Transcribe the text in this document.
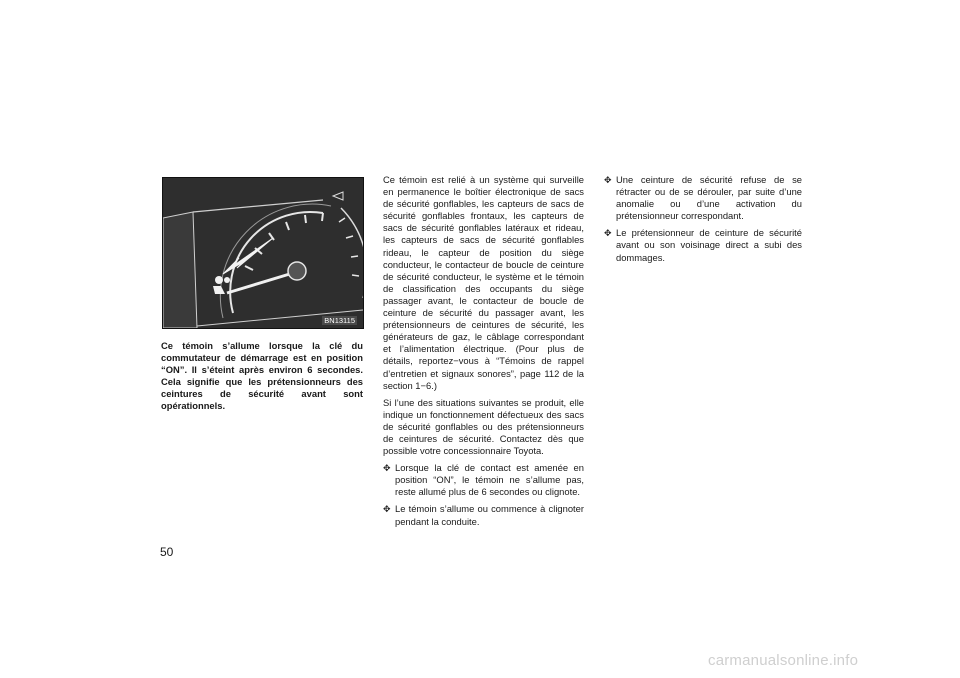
BN13115

Ce témoin s’allume lorsque la clé du commutateur de démarrage est en position “ON”. Il s’éteint après environ 6 secondes. Cela signifie que les prétensionneurs des ceintures de sécurité avant sont opérationnels.

Ce témoin est relié à un système qui surveille en permanence le boîtier électronique de sacs de sécurité gonflables, les capteurs de sacs de sécurité gonflables frontaux, les capteurs de sacs de sécurité gonflables latéraux et rideau, les capteurs de sacs de sécurité gonflables rideau, le capteur de position du siège conducteur, le contacteur de boucle de ceinture de sécurité conducteur, le système et le témoin de classification des occupants du siège passager avant, le contacteur de boucle de ceinture de sécurité du passager avant, les prétensionneurs de ceintures de sécurité, les générateurs de gaz, le câblage correspondant et l’alimentation électrique. (Pour plus de détails, reportez−vous à “Témoins de rappel d’entretien et signaux sonores”, page 112 de la section 1−6.)

Si l’une des situations suivantes se produit, elle indique un fonctionnement défectueux des sacs de sécurité gonflables ou des prétensionneurs de ceintures de sécurité. Contactez dès que possible votre concessionnaire Toyota.

✥ Lorsque la clé de contact est amenée en position “ON”, le témoin ne s’allume pas, reste allumé plus de 6 secondes ou clignote.
✥ Le témoin s’allume ou commence à clignoter pendant la conduite.
✥ Une ceinture de sécurité refuse de se rétracter ou de se dérouler, par suite d’une anomalie ou d’une activation du prétensionneur correspondant.
✥ Le prétensionneur de ceinture de sécurité avant ou son voisinage direct a subi des dommages.
50
carmanualsonline.info
